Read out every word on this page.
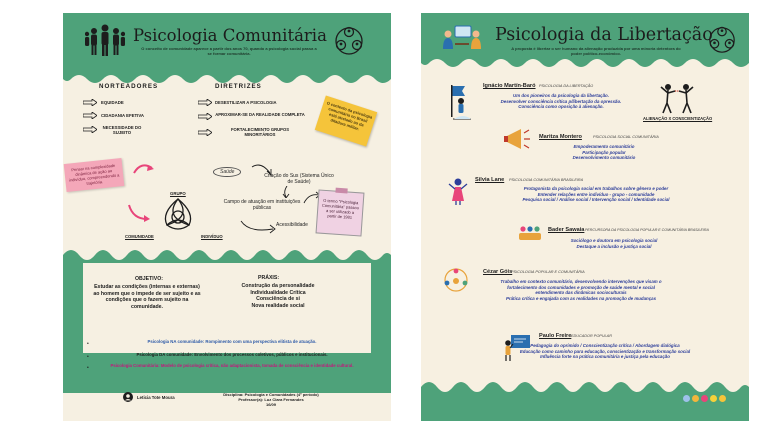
Psicologia Comunitária
O conceito de comunidade aparece a partir dos anos 70, quando a psicologia social passa a se formar comunitária.
NORTEADORES
EQUIDADE
CIDADANIA EFETIVA
NECESSIDADE DO SUJEITO
DIRETRIZES
DESESTILIZAR A PSICOLOGIA
APROXIMAR-SE DA REALIDADE COMPLETA
FORTALECIMENTO GRUPOS MINORITÁRIOS
O contexto da psicologia comunitária no Brasil está atrelado ao da ditadura militar.
Pensar na complexidade dinâmica de ação ao indivíduo, compreendendo a trajetória.
GRUPO
COMUNIDADE	INDIVÍDUO
Saúde
Criação do Sus (Sistema Único de Saúde)
Campo de atuação em instituições públicas
Acessibilidade
O termo "Psicologia Comunitária" passou a ser utilizado a partir de 1981
OBJETIVO:
Estudar as condições (internas e externas) ao homem que o impede de ser sujeito e as condições que o fazem sujeito na comunidade.
PRÁXIS:
Construção da personalidade
Individualidade Crítica
Consciência de si
Nova realidade social
Psicologia NA comunidade: Rompimento com uma perspectiva elitista de atuação.
Psicologia DA comunidade: Envolvimento dos processos coletivos, públicos e institucionais.
Psicologia Comunitária: Modelo de psicologia crítica, não adaptacionista, tomada de consciência e identidade cultural.
•
•
•
Leticia Tote Moura
Disciplina: Psicologia e Comunidades (4º período)
Professor(a): Luz Clara Fernandes
16/09
Psicologia da Libertação
A proposta é libertar o ser humano da alienação produzida por uma minoria detentora do poder político-econômico.
Ignácio Martín-Baró PSICOLOGIA DA LIBERTAÇÃO
Um dos pioneiros da psicologia da libertação.
Desenvolver consciência crítica p/libertação da opressão.
Consciência como oposição à alienação.
ALIENAÇÃO X CONSCIENTIZAÇÃO
Maritza Montero	PSICOLOGIA SOCIAL COMUNITÁRIA
Empoderamento comunitário
Participação popular
Desenvolvimento comunitário
Silvia Lane PSICOLOGIA COMUNITÁRIA BRASILEIRA
Protagonista da psicologia social em trabalhos sobre gênero e poder
Entender relações entre indivíduo - grupo - comunidade
Pesquisa social / Análise social / Intervenção social / Identidade social
Bader Sawaia PERCURSORA DA PSICOLOGIA POPULAR E COMUNITÁRIA BRASILEIRA
Sociólogo e doutora em psicologia social
Destaque a inclusão e justiça social
Cézar Góis
PSICOLOGIA POPULAR E COMUNITÁRIA
Trabalho em contexto comunitário, desenvolvendo intervenções que visam o fortalecimento dos comunidades e promoção de saúde mental e social
entendimento das dinâmicas socioculturais
Prática crítica e engajada com as realidades na promoção de mudanças
Paulo Freire EDUCADOR POPULAR
Pedagogia do oprimido / Conscientização crítica / Abordagem dialógica
Educação como caminho para educação, conscientização e transformação social
Influência forte na prática comunitária e justiça pela educação
